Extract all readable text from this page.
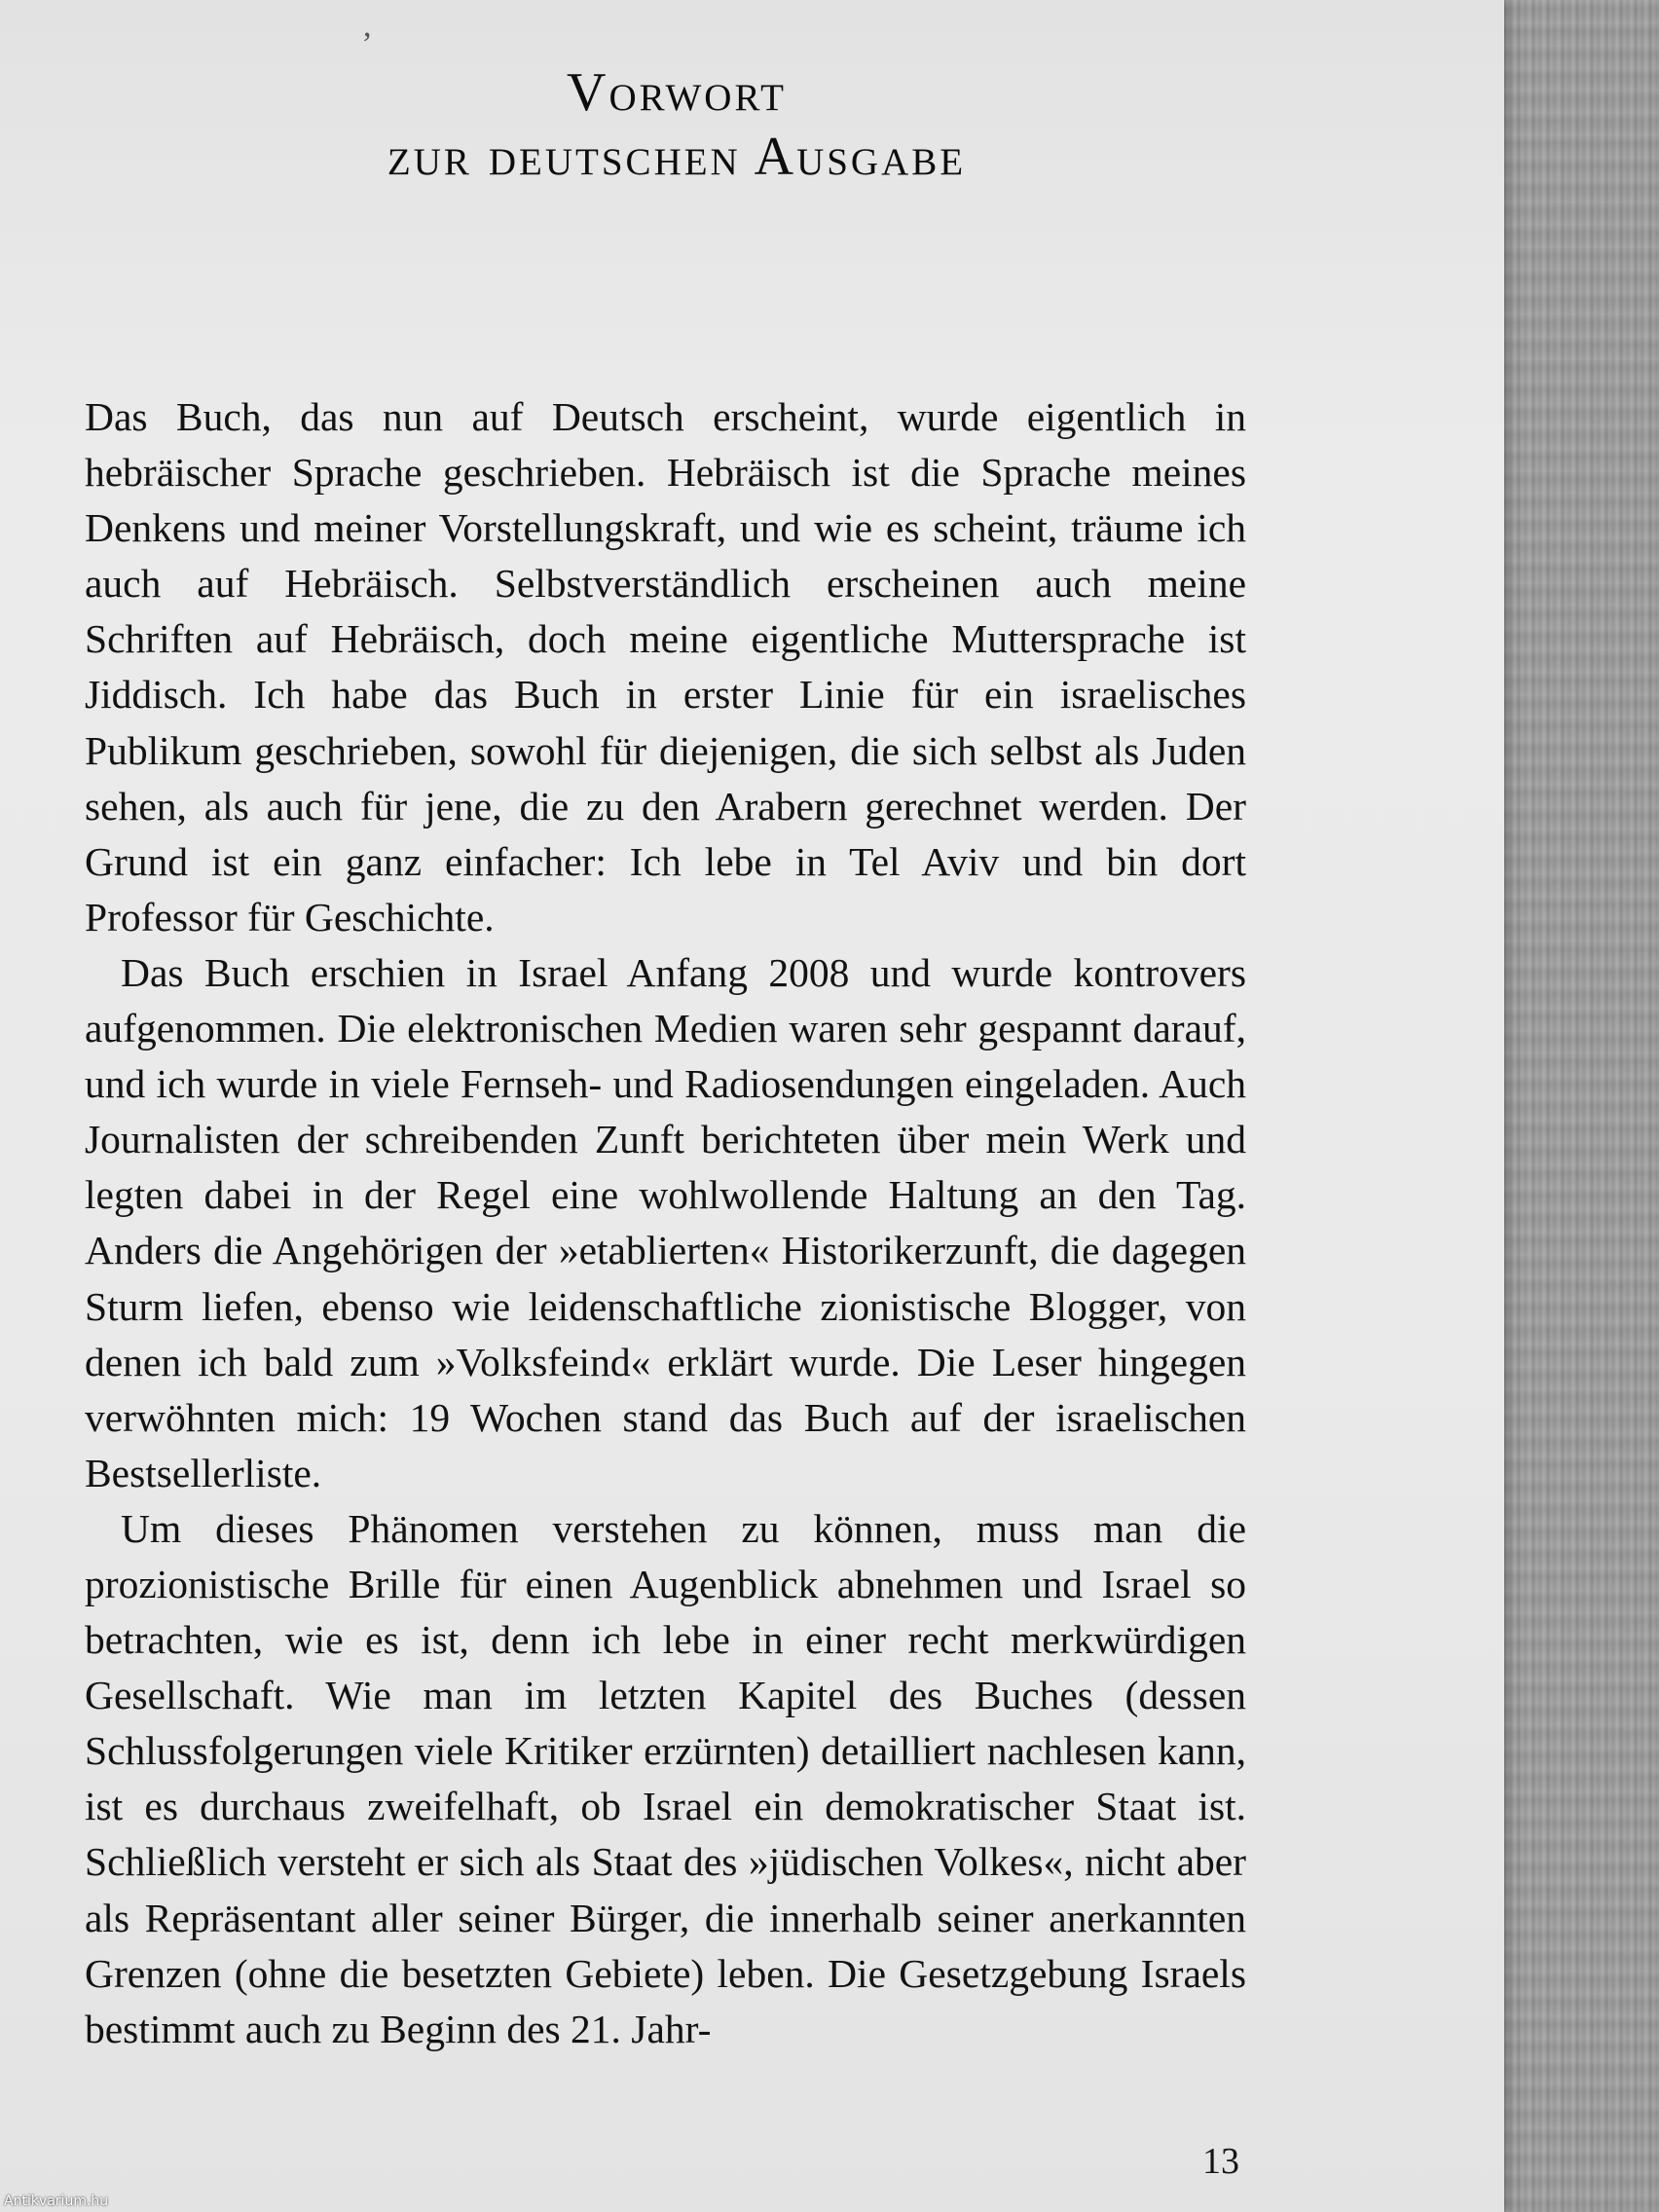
,
Vorwort
zur deutschen Ausgabe

Das Buch, das nun auf Deutsch erscheint, wurde eigentlich in hebräischer Sprache geschrieben. Hebräisch ist die Sprache meines Denkens und meiner Vorstellungskraft, und wie es scheint, träume ich auch auf Hebräisch. Selbstverständlich erscheinen auch meine Schriften auf Hebräisch, doch meine eigentliche Muttersprache ist Jiddisch. Ich habe das Buch in erster Linie für ein israelisches Publikum geschrieben, sowohl für diejenigen, die sich selbst als Juden sehen, als auch für jene, die zu den Arabern gerechnet werden. Der Grund ist ein ganz einfacher: Ich lebe in Tel Aviv und bin dort Professor für Geschichte.

Das Buch erschien in Israel Anfang 2008 und wurde kontrovers aufgenommen. Die elektronischen Medien waren sehr gespannt darauf, und ich wurde in viele Fernseh- und Radiosendungen eingeladen. Auch Journalisten der schreibenden Zunft berichteten über mein Werk und legten dabei in der Regel eine wohlwollende Haltung an den Tag. Anders die Angehörigen der »etablierten« Historikerzunft, die dagegen Sturm liefen, ebenso wie leidenschaftliche zionistische Blogger, von denen ich bald zum »Volksfeind« erklärt wurde. Die Leser hingegen verwöhnten mich: 19 Wochen stand das Buch auf der israelischen Bestsellerliste.

Um dieses Phänomen verstehen zu können, muss man die prozionistische Brille für einen Augenblick abnehmen und Israel so betrachten, wie es ist, denn ich lebe in einer recht merkwürdigen Gesellschaft. Wie man im letzten Kapitel des Buches (dessen Schlussfolgerungen viele Kritiker erzürnten) detailliert nachlesen kann, ist es durchaus zweifelhaft, ob Israel ein demokratischer Staat ist. Schließlich versteht er sich als Staat des »jüdischen Volkes«, nicht aber als Repräsentant aller seiner Bürger, die innerhalb seiner anerkannten Grenzen (ohne die besetzten Gebiete) leben. Die Gesetzgebung Israels bestimmt auch zu Beginn des 21. Jahr-

13
Antikvarium.hu
